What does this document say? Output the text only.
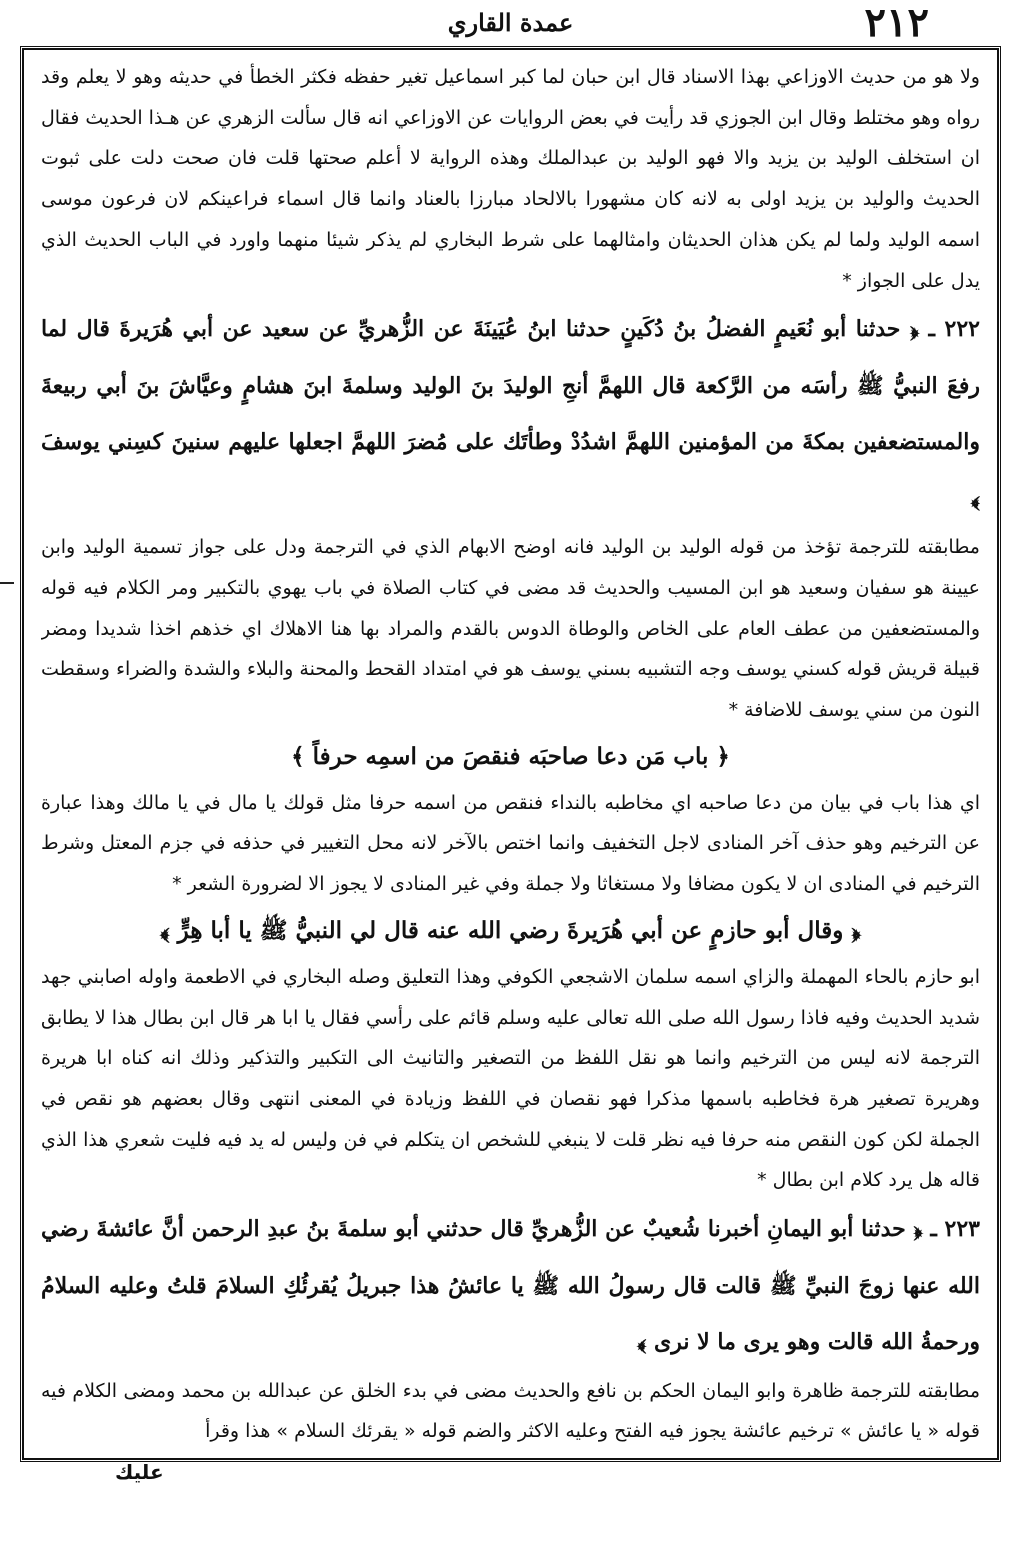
٢١٢
عمدة القاري

ولا هو من حديث الاوزاعي بهذا الاسناد قال ابن حبان لما كبر اسماعيل تغير حفظه فكثر الخطأ في حديثه وهو لا يعلم وقد رواه وهو مختلط وقال ابن الجوزي قد رأيت في بعض الروايات عن الاوزاعي انه قال سألت الزهري عن هـذا الحديث فقال ان استخلف الوليد بن يزيد والا فهو الوليد بن عبدالملك وهذه الرواية لا أعلم صحتها قلت فان صحت دلت على ثبوت الحديث والوليد بن يزيد اولى به لانه كان مشهورا بالالحاد مبارزا بالعناد وانما قال اسماء فراعينكم لان فرعون موسى اسمه الوليد ولما لم يكن هذان الحديثان وامثالهما على شرط البخاري لم يذكر شيئا منهما واورد في الباب الحديث الذي يدل على الجواز *

٢٢٢ ـ ﴿ حدثنا أبو نُعَيمٍ الفضلُ بنُ دُكَينٍ حدثنا ابنُ عُيَينَةَ عن الزُّهريِّ عن سعيد عن أبي هُرَيرةَ قال لما رفعَ النبيُّ ﷺ رأسَه من الرَّكعة قال اللهمَّ أنجِ الوليدَ بنَ الوليد وسلمةَ ابنَ هشامٍ وعيَّاشَ بنَ أبي ربيعةَ والمستضعفين بمكةَ من المؤمنين اللهمَّ اشدُدْ وطأتَك على مُضرَ اللهمَّ اجعلها عليهم سنينَ كسِني يوسفَ ﴾

مطابقته للترجمة تؤخذ من قوله الوليد بن الوليد فانه اوضح الابهام الذي في الترجمة ودل على جواز تسمية الوليد وابن عيينة هو سفيان وسعيد هو ابن المسيب والحديث قد مضى في كتاب الصلاة في باب يهوي بالتكبير ومر الكلام فيه قوله والمستضعفين من عطف العام على الخاص والوطاة الدوس بالقدم والمراد بها هنا الاهلاك اي خذهم اخذا شديدا ومضر قبيلة قريش قوله كسني يوسف وجه التشبيه بسني يوسف هو في امتداد القحط والمحنة والبلاء والشدة والضراء وسقطت النون من سني يوسف للاضافة *

﴿ باب مَن دعا صاحبَه فنقصَ من اسمِه حرفاً ﴾

اي هذا باب في بيان من دعا صاحبه اي مخاطبه بالنداء فنقص من اسمه حرفا مثل قولك يا مال في يا مالك وهذا عبارة عن الترخيم وهو حذف آخر المنادى لاجل التخفيف وانما اختص بالآخر لانه محل التغيير في حذفه في جزم المعتل وشرط الترخيم في المنادى ان لا يكون مضافا ولا مستغاثا ولا جملة وفي غير المنادى لا يجوز الا لضرورة الشعر *

﴿ وقال أبو حازمٍ عن أبي هُرَيرةَ رضي الله عنه قال لي النبيُّ ﷺ يا أبا هِرٍّ ﴾

ابو حازم بالحاء المهملة والزاي اسمه سلمان الاشجعي الكوفي وهذا التعليق وصله البخاري في الاطعمة واوله اصابني جهد شديد الحديث وفيه فاذا رسول الله صلى الله تعالى عليه وسلم قائم على رأسي فقال يا ابا هر قال ابن بطال هذا لا يطابق الترجمة لانه ليس من الترخيم وانما هو نقل اللفظ من التصغير والتانيث الى التكبير والتذكير وذلك انه كناه ابا هريرة وهريرة تصغير هرة فخاطبه باسمها مذكرا فهو نقصان في اللفظ وزيادة في المعنى انتهى وقال بعضهم هو نقص في الجملة لكن كون النقص منه حرفا فيه نظر قلت لا ينبغي للشخص ان يتكلم في فن وليس له يد فيه فليت شعري هذا الذي قاله هل يرد كلام ابن بطال *

٢٢٣ ـ ﴿ حدثنا أبو اليمانِ أخبرنا شُعيبٌ عن الزُّهريِّ قال حدثني أبو سلمةَ بنُ عبدِ الرحمن أنَّ عائشةَ رضي الله عنها زوجَ النبيِّ ﷺ قالت قال رسولُ الله ﷺ يا عائشُ هذا جبريلُ يُقرئُكِ السلامَ قلتُ وعليه السلامُ ورحمةُ الله قالت وهو يرى ما لا نرى ﴾

مطابقته للترجمة ظاهرة وابو اليمان الحكم بن نافع والحديث مضى في بدء الخلق عن عبدالله بن محمد ومضى الكلام فيه قوله « يا عائش » ترخيم عائشة يجوز فيه الفتح وعليه الاكثر والضم قوله « يقرئك السلام » هذا وقرأ

عليك
